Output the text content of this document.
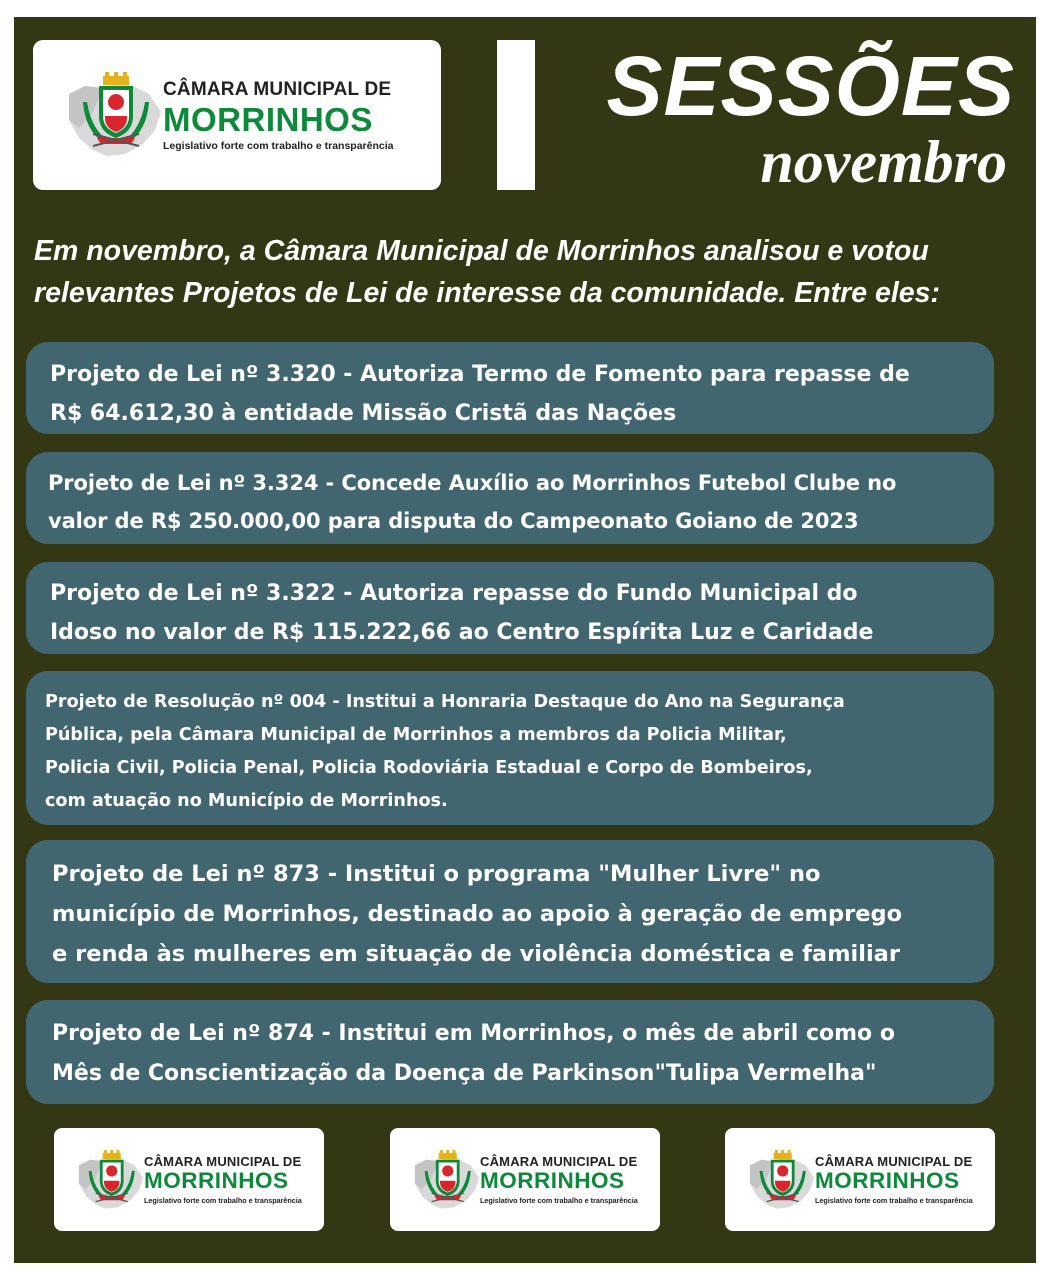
CÂMARA MUNICIPAL DE
MORRINHOS
Legislativo forte com trabalho e transparência
SESSÕES
novembro
Em novembro, a Câmara Municipal de Morrinhos analisou e votou relevantes Projetos de Lei de interesse da comunidade. Entre eles:

Projeto de Lei nº 3.320 - Autoriza Termo de Fomento para repasse de

R$ 64.612,30 à entidade Missão Cristã das Nações

Projeto de Lei nº 3.324 - Concede Auxílio ao Morrinhos Futebol Clube no

valor de R$ 250.000,00 para disputa do Campeonato Goiano de 2023

Projeto de Lei nº 3.322 - Autoriza repasse do Fundo Municipal do

Idoso no valor de R$ 115.222,66 ao Centro Espírita Luz e Caridade

Projeto de Resolução nº 004 - Institui a Honraria Destaque do Ano na Segurança

Pública, pela Câmara Municipal de Morrinhos a membros da Policia Militar,

Policia Civil, Policia Penal, Policia Rodoviária Estadual e Corpo de Bombeiros,

com atuação no Município de Morrinhos.

Projeto de Lei nº 873 - Institui o programa "Mulher Livre" no

município de Morrinhos, destinado ao apoio à geração de emprego

e renda às mulheres em situação de violência doméstica e familiar

Projeto de Lei nº 874 - Institui em Morrinhos, o mês de abril como o

Mês de Conscientização da Doença de Parkinson"Tulipa Vermelha"

CÂMARA MUNICIPAL DE
MORRINHOS
Legislativo forte com trabalho e transparência
CÂMARA MUNICIPAL DE
MORRINHOS
Legislativo forte com trabalho e transparência
CÂMARA MUNICIPAL DE
MORRINHOS
Legislativo forte com trabalho e transparência
